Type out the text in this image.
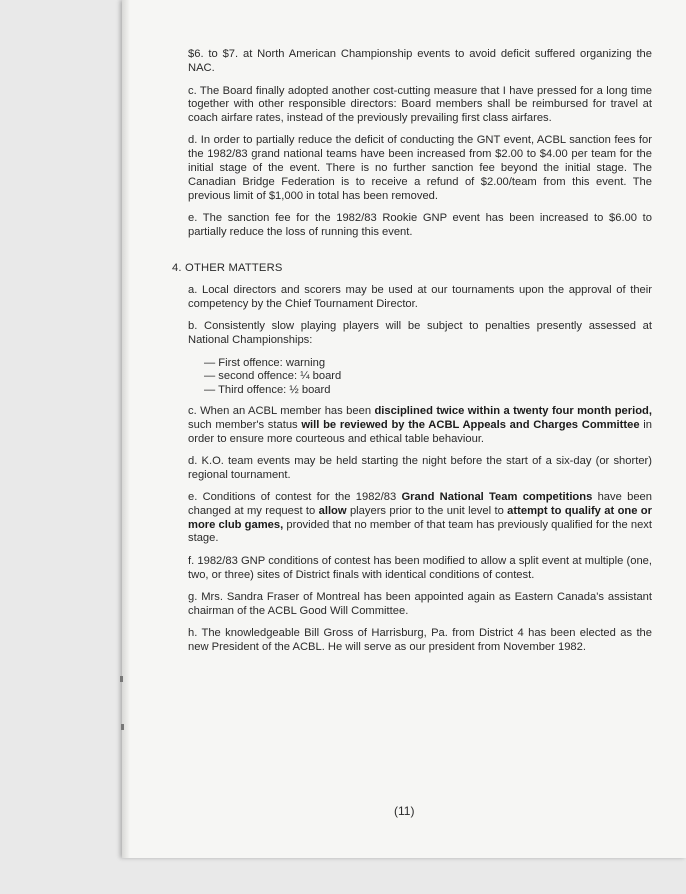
$6. to $7. at North American Championship events to avoid deficit suffered organizing the NAC.

c. The Board finally adopted another cost-cutting measure that I have pressed for a long time together with other responsible directors: Board members shall be reimbursed for travel at coach airfare rates, instead of the previously prevailing first class airfares.

d. In order to partially reduce the deficit of conducting the GNT event, ACBL sanction fees for the 1982/83 grand national teams have been increased from $2.00 to $4.00 per team for the initial stage of the event. There is no further sanction fee beyond the initial stage. The Canadian Bridge Federation is to receive a refund of $2.00/team from this event. The previous limit of $1,000 in total has been removed.

e. The sanction fee for the 1982/83 Rookie GNP event has been increased to $6.00 to partially reduce the loss of running this event.

4. OTHER MATTERS

a. Local directors and scorers may be used at our tournaments upon the approval of their competency by the Chief Tournament Director.

b. Consistently slow playing players will be subject to penalties presently assessed at National Championships:

— First offence: warning
— second offence: ¼ board
— Third offence: ½ board

c. When an ACBL member has been disciplined twice within a twenty four month period, such member's status will be reviewed by the ACBL Appeals and Charges Committee in order to ensure more courteous and ethical table behaviour.

d. K.O. team events may be held starting the night before the start of a six-day (or shorter) regional tournament.

e. Conditions of contest for the 1982/83 Grand National Team competitions have been changed at my request to allow players prior to the unit level to attempt to qualify at one or more club games, provided that no member of that team has previously qualified for the next stage.

f. 1982/83 GNP conditions of contest has been modified to allow a split event at multiple (one, two, or three) sites of District finals with identical conditions of contest.

g. Mrs. Sandra Fraser of Montreal has been appointed again as Eastern Canada's assistant chairman of the ACBL Good Will Committee.

h. The knowledgeable Bill Gross of Harrisburg, Pa. from District 4 has been elected as the new President of the ACBL. He will serve as our president from November 1982.

(11)
